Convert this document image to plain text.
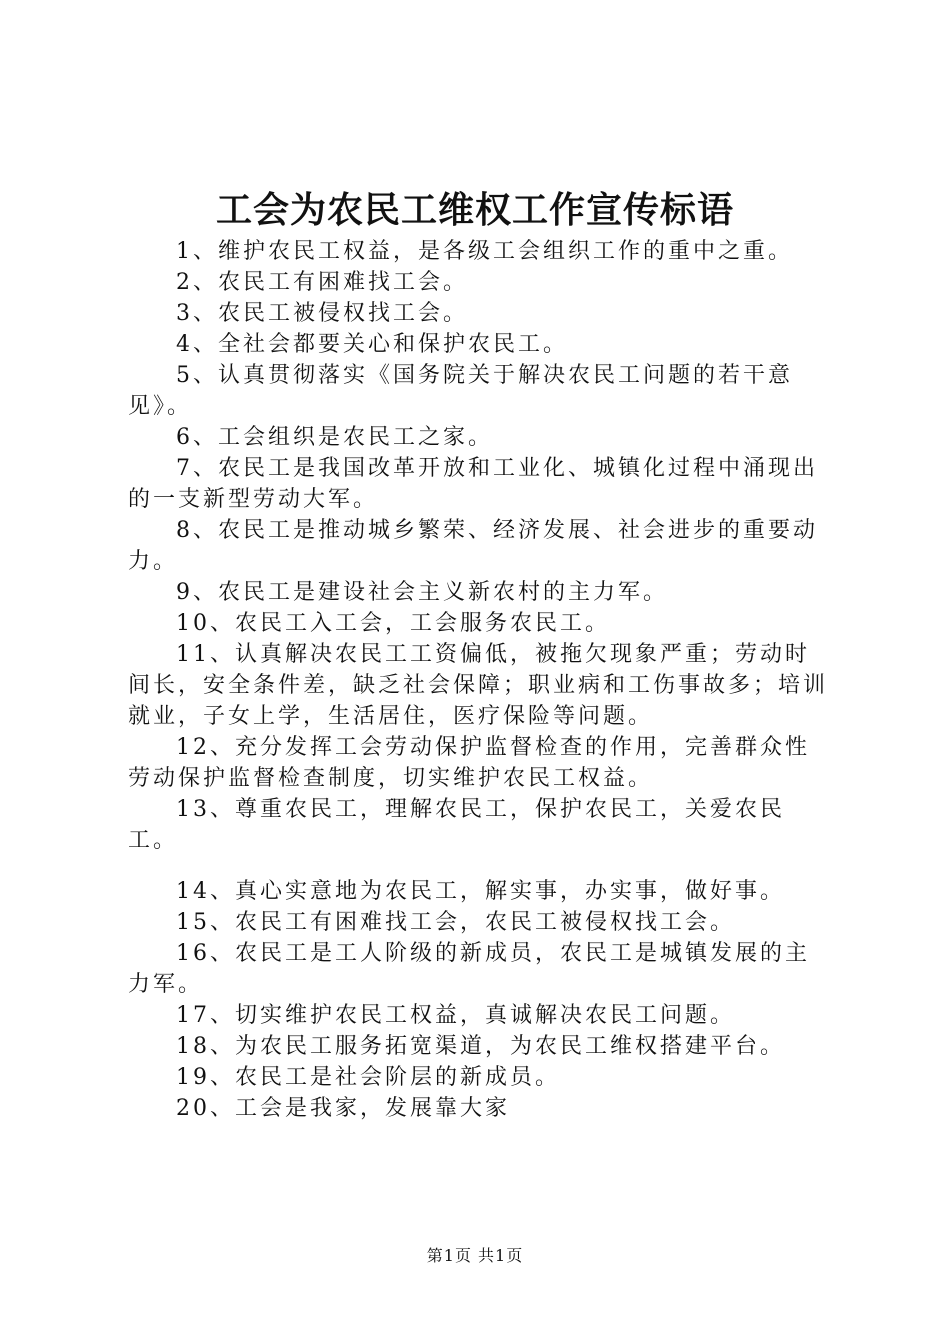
工会为农民工维权工作宣传标语

1、维护农民工权益，是各级工会组织工作的重中之重。

2、农民工有困难找工会。

3、农民工被侵权找工会。

4、全社会都要关心和保护农民工。

5、认真贯彻落实《国务院关于解决农民工问题的若干意见》。

6、工会组织是农民工之家。

7、农民工是我国改革开放和工业化、城镇化过程中涌现出的一支新型劳动大军。

8、农民工是推动城乡繁荣、经济发展、社会进步的重要动力。

9、农民工是建设社会主义新农村的主力军。

10、农民工入工会，工会服务农民工。

11、认真解决农民工工资偏低，被拖欠现象严重；劳动时间长，安全条件差，缺乏社会保障；职业病和工伤事故多；培训就业，子女上学，生活居住，医疗保险等问题。

12、充分发挥工会劳动保护监督检查的作用，完善群众性劳动保护监督检查制度，切实维护农民工权益。

13、尊重农民工，理解农民工，保护农民工，关爱农民工。

14、真心实意地为农民工，解实事，办实事，做好事。

15、农民工有困难找工会，农民工被侵权找工会。

16、农民工是工人阶级的新成员，农民工是城镇发展的主力军。

17、切实维护农民工权益，真诚解决农民工问题。

18、为农民工服务拓宽渠道，为农民工维权搭建平台。

19、农民工是社会阶层的新成员。

20、工会是我家，发展靠大家

第1页 共1页
